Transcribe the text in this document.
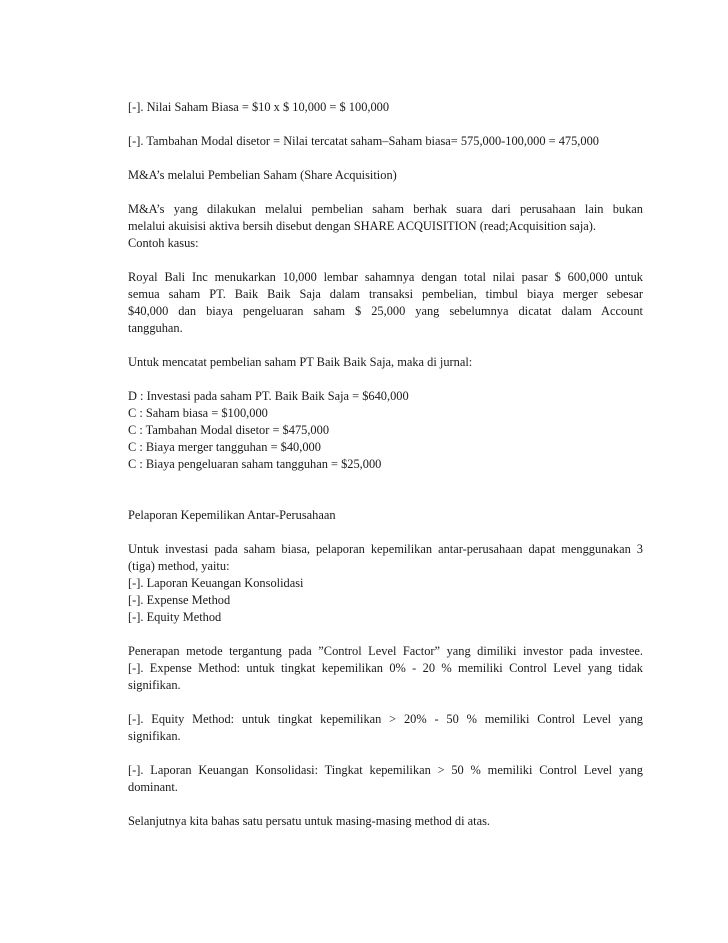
[-]. Nilai Saham Biasa = $10 x $ 10,000 = $ 100,000
[-]. Tambahan Modal disetor = Nilai tercatat saham–Saham biasa= 575,000-100,000 = 475,000
M&A’s melalui Pembelian Saham (Share Acquisition)
M&A’s yang dilakukan melalui pembelian saham berhak suara dari perusahaan lain bukan
melalui akuisisi aktiva bersih disebut dengan SHARE ACQUISITION (read;Acquisition saja).
Contoh kasus:
Royal Bali Inc menukarkan 10,000 lembar sahamnya dengan total nilai pasar $ 600,000 untuk
semua saham PT. Baik Baik Saja dalam transaksi pembelian, timbul biaya merger sebesar
$40,000 dan biaya pengeluaran saham $ 25,000 yang sebelumnya dicatat dalam Account
tangguhan.
Untuk mencatat pembelian saham PT Baik Baik Saja, maka di jurnal:
D : Investasi pada saham PT. Baik Baik Saja = $640,000
C : Saham biasa = $100,000
C : Tambahan Modal disetor = $475,000
C : Biaya merger tangguhan = $40,000
C : Biaya pengeluaran saham tangguhan = $25,000
Pelaporan Kepemilikan Antar-Perusahaan
Untuk investasi pada saham biasa, pelaporan kepemilikan antar-perusahaan dapat menggunakan 3
(tiga) method, yaitu:
[-]. Laporan Keuangan Konsolidasi
[-]. Expense Method
[-]. Equity Method
Penerapan metode tergantung pada ”Control Level Factor” yang dimiliki investor pada investee.
[-]. Expense Method: untuk tingkat kepemilikan 0% - 20 % memiliki Control Level yang tidak
signifikan.
[-]. Equity Method: untuk tingkat kepemilikan > 20% - 50 % memiliki Control Level yang
signifikan.
[-]. Laporan Keuangan Konsolidasi: Tingkat kepemilikan > 50 % memiliki Control Level yang
dominant.
Selanjutnya kita bahas satu persatu untuk masing-masing method di atas.
